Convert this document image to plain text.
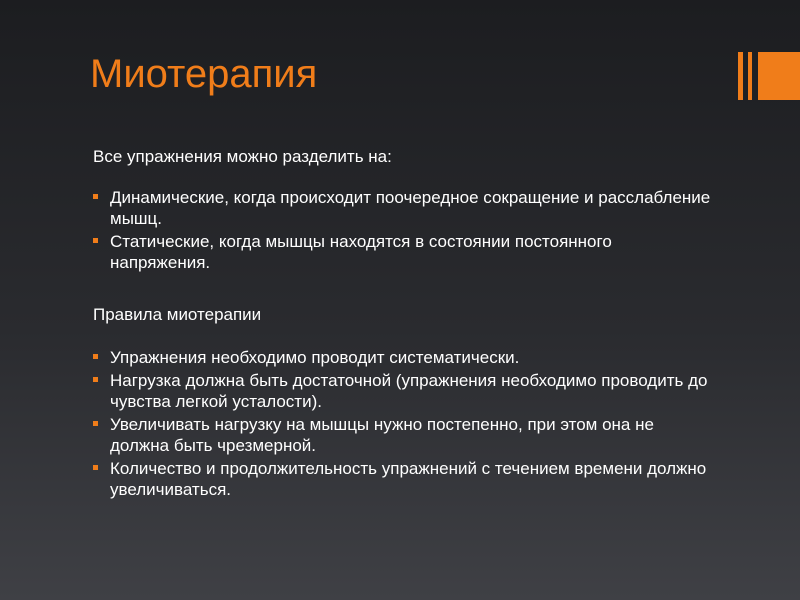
Миотерапия

Все упражнения можно разделить на:

Динамические, когда происходит поочередное сокращение и расслабление мышц.
Статические, когда мышцы находятся в состоянии постоянного напряжения.

Правила миотерапии

Упражнения необходимо проводит систематически.
Нагрузка должна быть достаточной (упражнения необходимо проводить до чувства легкой усталости).
Увеличивать нагрузку на мышцы нужно постепенно, при этом она не должна быть чрезмерной.
Количество и продолжительность упражнений с течением времени должно увеличиваться.
